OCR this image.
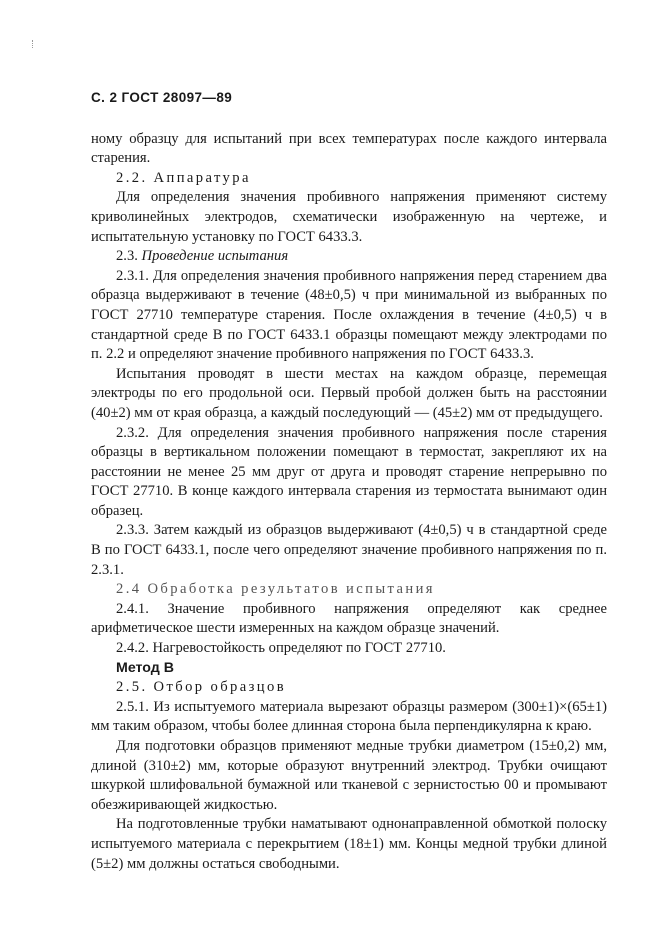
С. 2 ГОСТ 28097—89

ному образцу для испытаний при всех температурах после каждого интервала старения.

2.2. Аппаратура

Для определения значения пробивного напряжения применяют систему криволинейных электродов, схематически изображенную на чертеже, и испытательную установку по ГОСТ 6433.3.

2.3. Проведение испытания

2.3.1. Для определения значения пробивного напряжения перед старением два образца выдерживают в течение (48±0,5) ч при минимальной из выбранных по ГОСТ 27710 температуре старения. После охлаждения в течение (4±0,5) ч в стандартной среде В по ГОСТ 6433.1 образцы помещают между электродами по п. 2.2 и определяют значение пробивного напряжения по ГОСТ 6433.3.

Испытания проводят в шести местах на каждом образце, перемещая электроды по его продольной оси. Первый пробой должен быть на расстоянии (40±2) мм от края образца, а каждый последующий — (45±2) мм от предыдущего.

2.3.2. Для определения значения пробивного напряжения после старения образцы в вертикальном положении помещают в термостат, закрепляют их на расстоянии не менее 25 мм друг от друга и проводят старение непрерывно по ГОСТ 27710. В конце каждого интервала старения из термостата вынимают один образец.

2.3.3. Затем каждый из образцов выдерживают (4±0,5) ч в стандартной среде В по ГОСТ 6433.1, после чего определяют значение пробивного напряжения по п. 2.3.1.

2.4 Обработка результатов испытания

2.4.1. Значение пробивного напряжения определяют как среднее арифметическое шести измеренных на каждом образце значений.

2.4.2. Нагревостойкость определяют по ГОСТ 27710.

Метод В

2.5. Отбор образцов

2.5.1. Из испытуемого материала вырезают образцы размером (300±1)×(65±1) мм таким образом, чтобы более длинная сторона была перпендикулярна к краю.

Для подготовки образцов применяют медные трубки диаметром (15±0,2) мм, длиной (310±2) мм, которые образуют внутренний электрод. Трубки очищают шкуркой шлифовальной бумажной или тканевой с зернистостью 00 и промывают обезжиривающей жидкостью.

На подготовленные трубки наматывают однонаправленной обмоткой полоску испытуемого материала с перекрытием (18±1) мм. Концы медной трубки длиной (5±2) мм должны остаться свободными.
